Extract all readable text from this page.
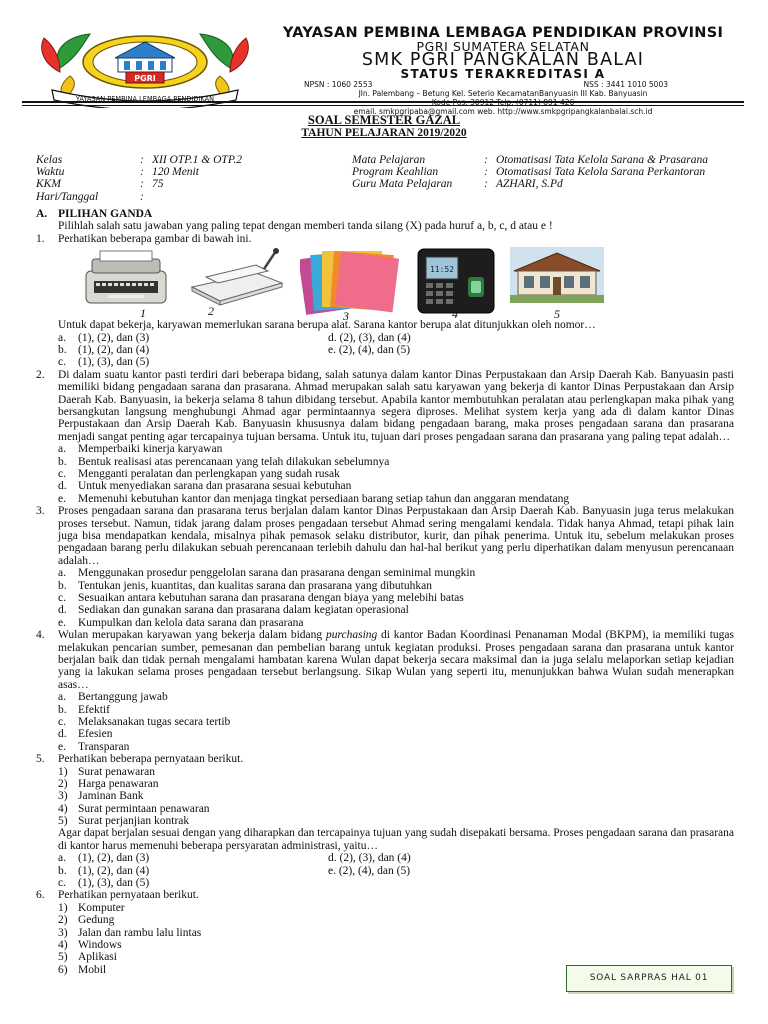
PGRI
YAYASAN PEMBINA LEMBAGA PENDIDIKAN
YAYASAN PEMBINA LEMBAGA PENDIDIKAN PROVINSI
PGRI SUMATERA SELATAN
SMK PGRI PANGKALAN BALAI
STATUS TERAKREDITASI A
NPSN : 1060 2553	NSS : 3441 1010 5003
Jln. Palembang – Betung Kel. Seterio KecamatanBanyuasin III Kab. Banyuasin
Kode Pos. 30912 Telp. (0711) 891 426
email. smkpgripaba@gmail.com web. http://www.smkpgripangkalanbalai.sch.id
SOAL SEMESTER GAZAL
TAHUN PELAJARAN 2019/2020
Kelas	: XII OTP.1 & OTP.2
Waktu	: 120 Menit
KKM	: 75
Hari/Tanggal	:
Mata Pelajaran	: Otomatisasi Tata Kelola Sarana & Prasarana
Program Keahlian	: Otomatisasi Tata Kelola Sarana Perkantoran
Guru Mata Pelajaran	: AZHARI, S.Pd
A. PILIHAN GANDA
Pilihlah salah satu jawaban yang paling tepat dengan memberi tanda silang (X) pada huruf a, b, c, d atau e !
1.	Perhatikan beberapa gambar di bawah ini.
11:52
1	2	3	4	5
Untuk dapat bekerja, karyawan memerlukan sarana berupa alat. Sarana kantor berupa alat ditunjukkan oleh nomor…
a.	(1), (2), dan (3)
b. (1), (2), dan (4)
c.	(1), (3), dan (5)
d. (2), (3), dan (4)
e. (2), (4), dan (5)
2.	Di dalam suatu kantor pasti terdiri dari beberapa bidang, salah satunya dalam kantor Dinas Perpustakaan dan Arsip Daerah Kab. Banyuasin pasti memiliki bidang pengadaan sarana dan prasarana. Ahmad merupakan salah satu karyawan yang bekerja di kantor Dinas Perpustakaan dan Arsip Daerah Kab. Banyuasin, ia bekerja selama 8 tahun dibidang tersebut. Apabila kantor membutuhkan peralatan atau perlengkapan maka pihak yang bersangkutan langsung menghubungi Ahmad agar permintaannya segera diproses. Melihat system kerja yang ada di dalam kantor Dinas Perpustakaan dan Arsip Daerah Kab. Banyuasin khususnya dalam bidang pengadaan barang, maka proses pengadaan sarana dan prasarana menjadi sangat penting agar tercapainya tujuan bersama. Untuk itu, tujuan dari proses pengadaan sarana dan prasarana yang paling tepat adalah…
a.	Memperbaiki kinerja karyawan
b. Bentuk realisasi atas perencanaan yang telah dilakukan sebelumnya
c.	Mengganti peralatan dan perlengkapan yang sudah rusak
d. Untuk menyediakan sarana dan prasarana sesuai kebutuhan
e.	Memenuhi kebutuhan kantor dan menjaga tingkat persediaan barang setiap tahun dan anggaran mendatang
3.	Proses pengadaan sarana dan prasarana terus berjalan dalam kantor Dinas Perpustakaan dan Arsip Daerah Kab. Banyuasin juga terus melakukan proses tersebut. Namun, tidak jarang dalam proses pengadaan tersebut Ahmad sering mengalami kendala. Tidak hanya Ahmad, tetapi pihak lain juga bisa mendapatkan kendala, misalnya pihak pemasok selaku distributor, kurir, dan pihak penerima. Untuk itu, sebelum melakukan proses pengadaan barang perlu dilakukan sebuah perencanaan terlebih dahulu dan hal-hal berikut yang perlu diperhatikan dalam menyusun perencanaan adalah…
a.	Menggunakan prosedur penggelolan sarana dan prasarana dengan seminimal mungkin
b. Tentukan jenis, kuantitas, dan kualitas sarana dan prasarana yang dibutuhkan
c.	Sesuaikan antara kebutuhan sarana dan prasarana dengan biaya yang melebihi batas
d. Sediakan dan gunakan sarana dan prasarana dalam kegiatan operasional
e.	Kumpulkan dan kelola data sarana dan prasarana
4.	Wulan merupakan karyawan yang bekerja dalam bidang purchasing di kantor Badan Koordinasi Penanaman Modal (BKPM), ia memiliki tugas melakukan pencarian sumber, pemesanan dan pembelian barang untuk kegiatan produksi. Proses pengadaan sarana dan prasarana untuk kantor berjalan baik dan tidak pernah mengalami hambatan karena Wulan dapat bekerja secara maksimal dan ia juga selalu melaporkan setiap kejadian yang ia lakukan selama proses pengadaan tersebut berlangsung. Sikap Wulan yang seperti itu, menunjukkan bahwa Wulan sudah menerapkan asas…
a.	Bertanggung jawab
b. Efektif
c.	Melaksanakan tugas secara tertib
d. Efesien
e.	Transparan
5.	Perhatikan beberapa pernyataan berikut.
1) Surat penawaran
2) Harga penawaran
3) Jaminan Bank
4) Surat permintaan penawaran
5) Surat perjanjian kontrak
Agar dapat berjalan sesuai dengan yang diharapkan dan tercapainya tujuan yang sudah disepakati bersama. Proses pengadaan sarana dan prasarana di kantor harus memenuhi beberapa persyaratan administrasi, yaitu…
a.	(1), (2), dan (3)
b. (1), (2), dan (4)
c.	(1), (3), dan (5)
d. (2), (3), dan (4)
e. (2), (4), dan (5)
6.	Perhatikan pernyataan berikut.
1) Komputer
2) Gedung
3) Jalan dan rambu lalu lintas
4) Windows
5) Aplikasi
6) Mobil
SOAL SARPRAS HAL 01
